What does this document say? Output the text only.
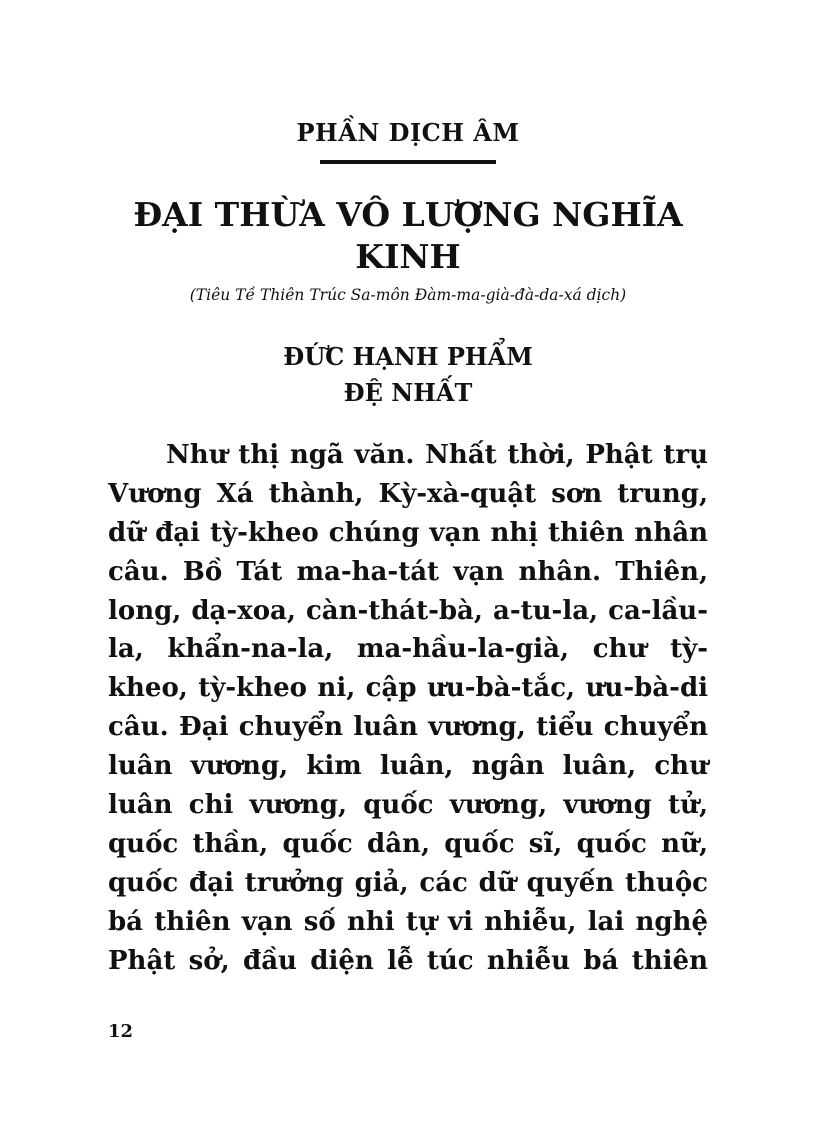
PHẦN DỊCH ÂM
ĐẠI THỪA VÔ LƯỢNG NGHĨA
KINH
(Tiêu Tề Thiên Trúc Sa-môn Đàm-ma-già-đà-da-xá dịch)
ĐỨC HẠNH PHẨM
ĐỆ NHẤT
Như thị ngã văn. Nhất thời, Phật trụ
Vương Xá thành, Kỳ-xà-quật sơn trung,
dữ đại tỳ-kheo chúng vạn nhị thiên nhân
câu. Bồ Tát ma-ha-tát vạn nhân. Thiên,
long, dạ-xoa, càn-thát-bà, a-tu-la, ca-lầu-
la, khẩn-na-la, ma-hầu-la-già, chư tỳ-
kheo, tỳ-kheo ni, cập ưu-bà-tắc, ưu-bà-di
câu. Đại chuyển luân vương, tiểu chuyển
luân vương, kim luân, ngân luân, chư
luân chi vương, quốc vương, vương tử,
quốc thần, quốc dân, quốc sĩ, quốc nữ,
quốc đại trưởng giả, các dữ quyến thuộc
bá thiên vạn số nhi tự vi nhiễu, lai nghệ
Phật sở, đầu diện lễ túc nhiễu bá thiên
12
